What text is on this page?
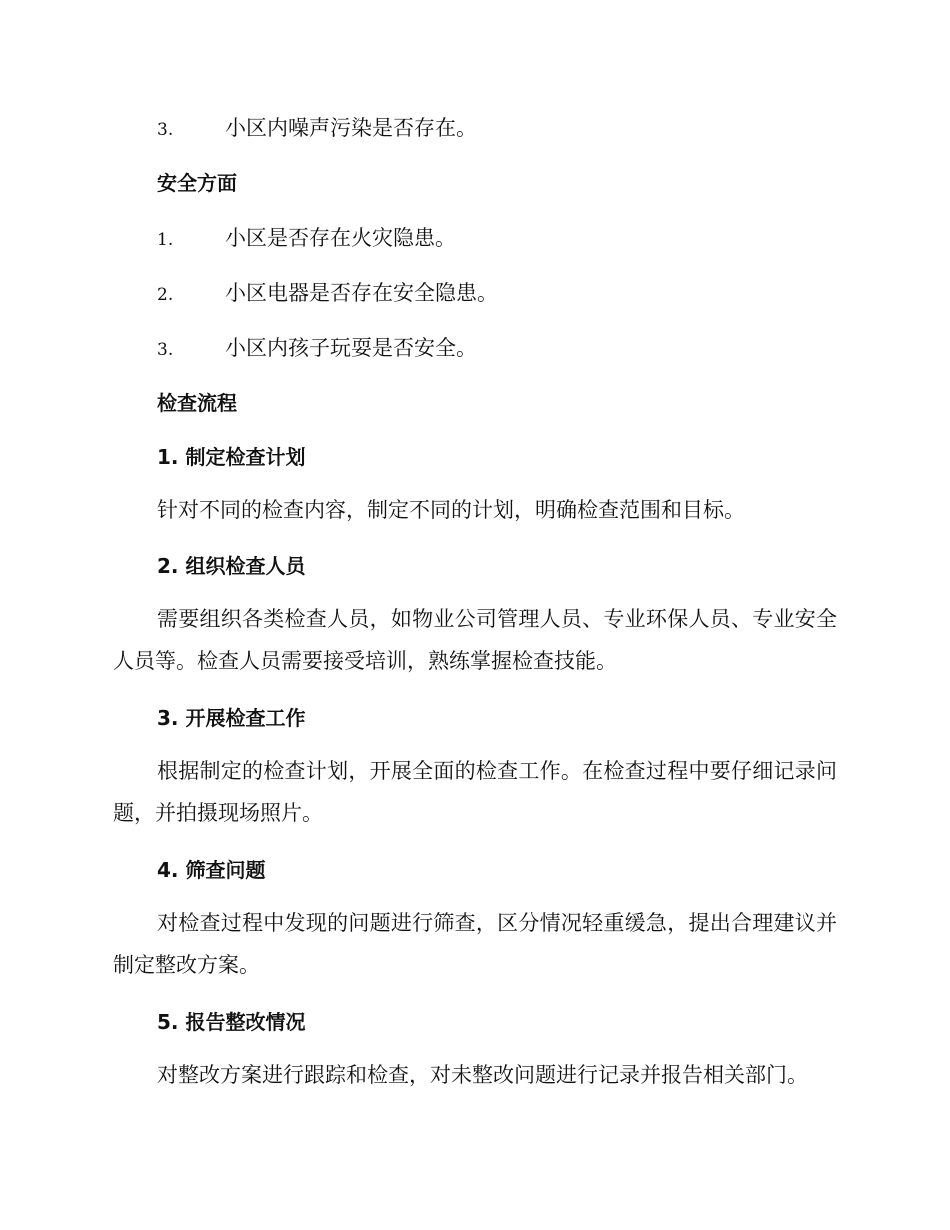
3. 小区内噪声污染是否存在。
安全方面
1. 小区是否存在火灾隐患。
2. 小区电器是否存在安全隐患。
3. 小区内孩子玩耍是否安全。
检查流程
1. 制定检查计划
针对不同的检查内容，制定不同的计划，明确检查范围和目标。
2. 组织检查人员
需要组织各类检查人员，如物业公司管理人员、专业环保人员、专业安全人员等。检查人员需要接受培训，熟练掌握检查技能。
3. 开展检查工作
根据制定的检查计划，开展全面的检查工作。在检查过程中要仔细记录问题，并拍摄现场照片。
4. 筛查问题
对检查过程中发现的问题进行筛查，区分情况轻重缓急，提出合理建议并制定整改方案。
5. 报告整改情况
对整改方案进行跟踪和检查，对未整改问题进行记录并报告相关部门。
